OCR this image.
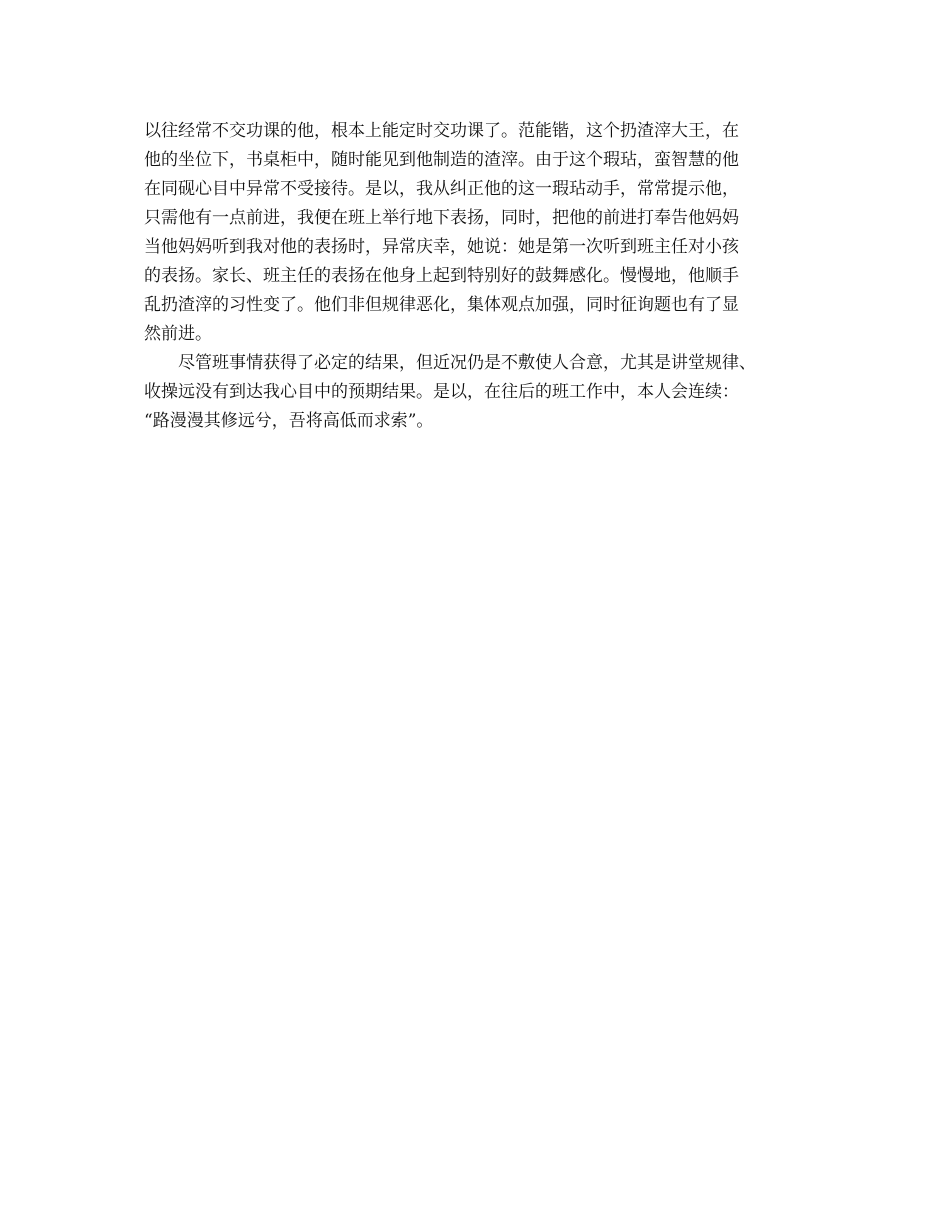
以往经常不交功课的他，根本上能定时交功课了。范能锴，这个扔渣滓大王，在
他的坐位下，书桌柜中，随时能见到他制造的渣滓。由于这个瑕玷，蛮智慧的他
在同砚心目中异常不受接待。是以，我从纠正他的这一瑕玷动手，常常提示他，
只需他有一点前进，我便在班上举行地下表扬，同时，把他的前进打奉告他妈妈
当他妈妈听到我对他的表扬时，异常庆幸，她说：她是第一次听到班主任对小孩
的表扬。家长、班主任的表扬在他身上起到特别好的鼓舞感化。慢慢地，他顺手
乱扔渣滓的习性变了。他们非但规律恶化，集体观点加强，同时征询题也有了显
然前进。
尽管班事情获得了必定的结果，但近况仍是不敷使人合意，尤其是讲堂规律、
收操远没有到达我心目中的预期结果。是以，在往后的班工作中，本人会连续：
“路漫漫其修远兮，吾将高低而求索”。
